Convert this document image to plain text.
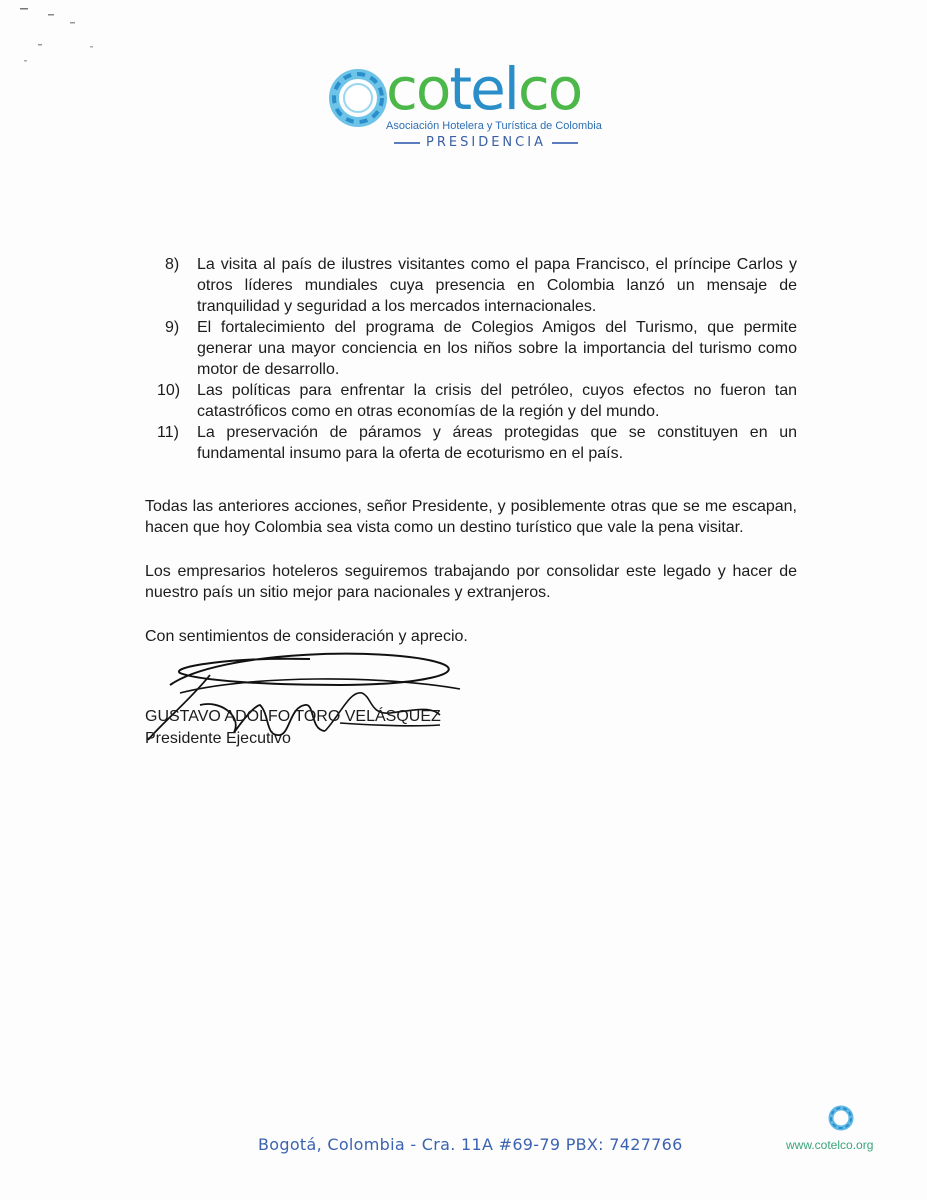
cotelco
Asociación Hotelera y Turística de Colombia
PRESIDENCIA
8) La visita al país de ilustres visitantes como el papa Francisco, el príncipe Carlos y otros líderes mundiales cuya presencia en Colombia lanzó un mensaje de tranquilidad y seguridad a los mercados internacionales.
9) El fortalecimiento del programa de Colegios Amigos del Turismo, que permite generar una mayor conciencia en los niños sobre la importancia del turismo como motor de desarrollo.
10) Las políticas para enfrentar la crisis del petróleo, cuyos efectos no fueron tan catastróficos como en otras economías de la región y del mundo.
11) La preservación de páramos y áreas protegidas que se constituyen en un fundamental insumo para la oferta de ecoturismo en el país.

Todas las anteriores acciones, señor Presidente, y posiblemente otras que se me escapan, hacen que hoy Colombia sea vista como un destino turístico que vale la pena visitar.

Los empresarios hoteleros seguiremos trabajando por consolidar este legado y hacer de nuestro país un sitio mejor para nacionales y extranjeros.

Con sentimientos de consideración y aprecio.

GUSTAVO ADOLFO TORO VELÁSQUEZ
Presidente Ejecutivo
Bogotá, Colombia - Cra. 11A #69-79 PBX: 7427766	www.cotelco.org
